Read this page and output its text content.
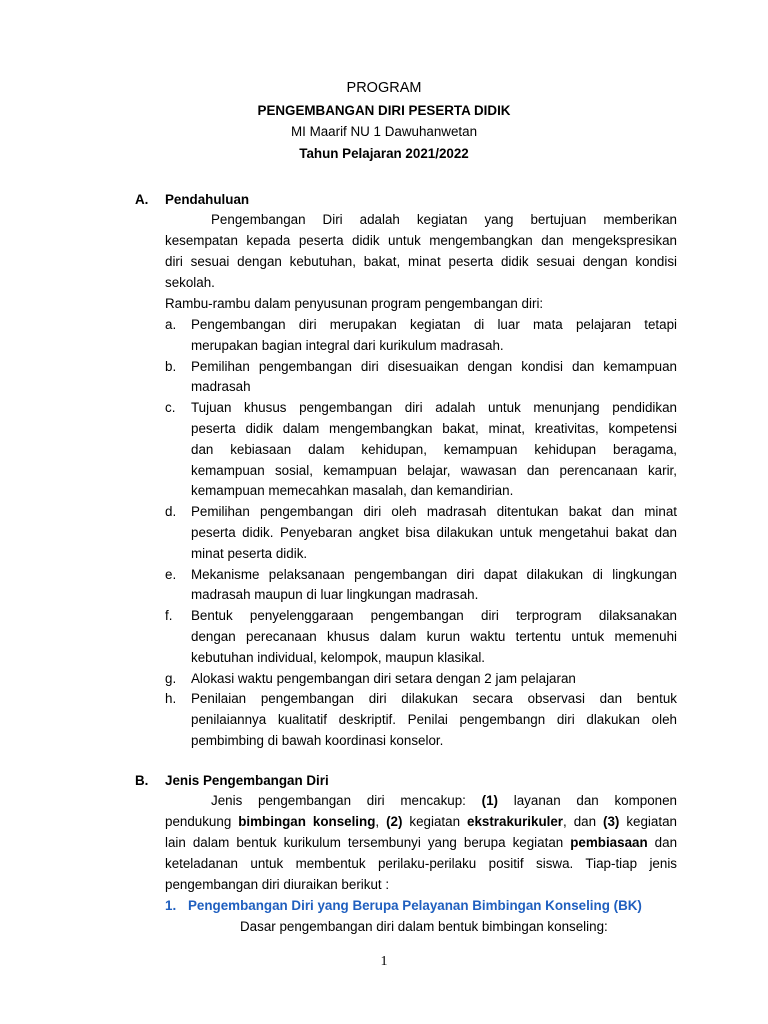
PROGRAM
PENGEMBANGAN DIRI PESERTA DIDIK
MI Maarif NU 1 Dawuhanwetan
Tahun Pelajaran 2021/2022
A. Pendahuluan
Pengembangan Diri adalah kegiatan yang bertujuan memberikan
kesempatan kepada peserta didik untuk mengembangkan dan mengekspresikan
diri sesuai dengan kebutuhan, bakat, minat peserta didik sesuai dengan kondisi
sekolah.
Rambu-rambu dalam penyusunan program pengembangan diri:
a. Pengembangan diri merupakan kegiatan di luar mata pelajaran tetapi
merupakan bagian integral dari kurikulum madrasah.
b. Pemilihan pengembangan diri disesuaikan dengan kondisi dan kemampuan
madrasah
c. Tujuan khusus pengembangan diri adalah untuk menunjang pendidikan
peserta didik dalam mengembangkan bakat, minat, kreativitas, kompetensi
dan kebiasaan dalam kehidupan, kemampuan kehidupan beragama,
kemampuan sosial, kemampuan belajar, wawasan dan perencanaan karir,
kemampuan memecahkan masalah, dan kemandirian.
d. Pemilihan pengembangan diri oleh madrasah ditentukan bakat dan minat
peserta didik. Penyebaran angket bisa dilakukan untuk mengetahui bakat dan
minat peserta didik.
e. Mekanisme pelaksanaan pengembangan diri dapat dilakukan di lingkungan
madrasah maupun di luar lingkungan madrasah.
f. Bentuk penyelenggaraan pengembangan diri terprogram dilaksanakan
dengan perecanaan khusus dalam kurun waktu tertentu untuk memenuhi
kebutuhan individual, kelompok, maupun klasikal.
g. Alokasi waktu pengembangan diri setara dengan 2 jam pelajaran
h. Penilaian pengembangan diri dilakukan secara observasi dan bentuk
penilaiannya kualitatif deskriptif. Penilai pengembangn diri dlakukan oleh
pembimbing di bawah koordinasi konselor.
B. Jenis Pengembangan Diri
Jenis pengembangan diri mencakup: (1) layanan dan komponen
pendukung bimbingan konseling, (2) kegiatan ekstrakurikuler, dan (3) kegiatan
lain dalam bentuk kurikulum tersembunyi yang berupa kegiatan pembiasaan dan
keteladanan untuk membentuk perilaku-perilaku positif siswa. Tiap-tiap jenis
pengembangan diri diuraikan berikut :
1. Pengembangan Diri yang Berupa Pelayanan Bimbingan Konseling (BK)
Dasar pengembangan diri dalam bentuk bimbingan konseling:
1
